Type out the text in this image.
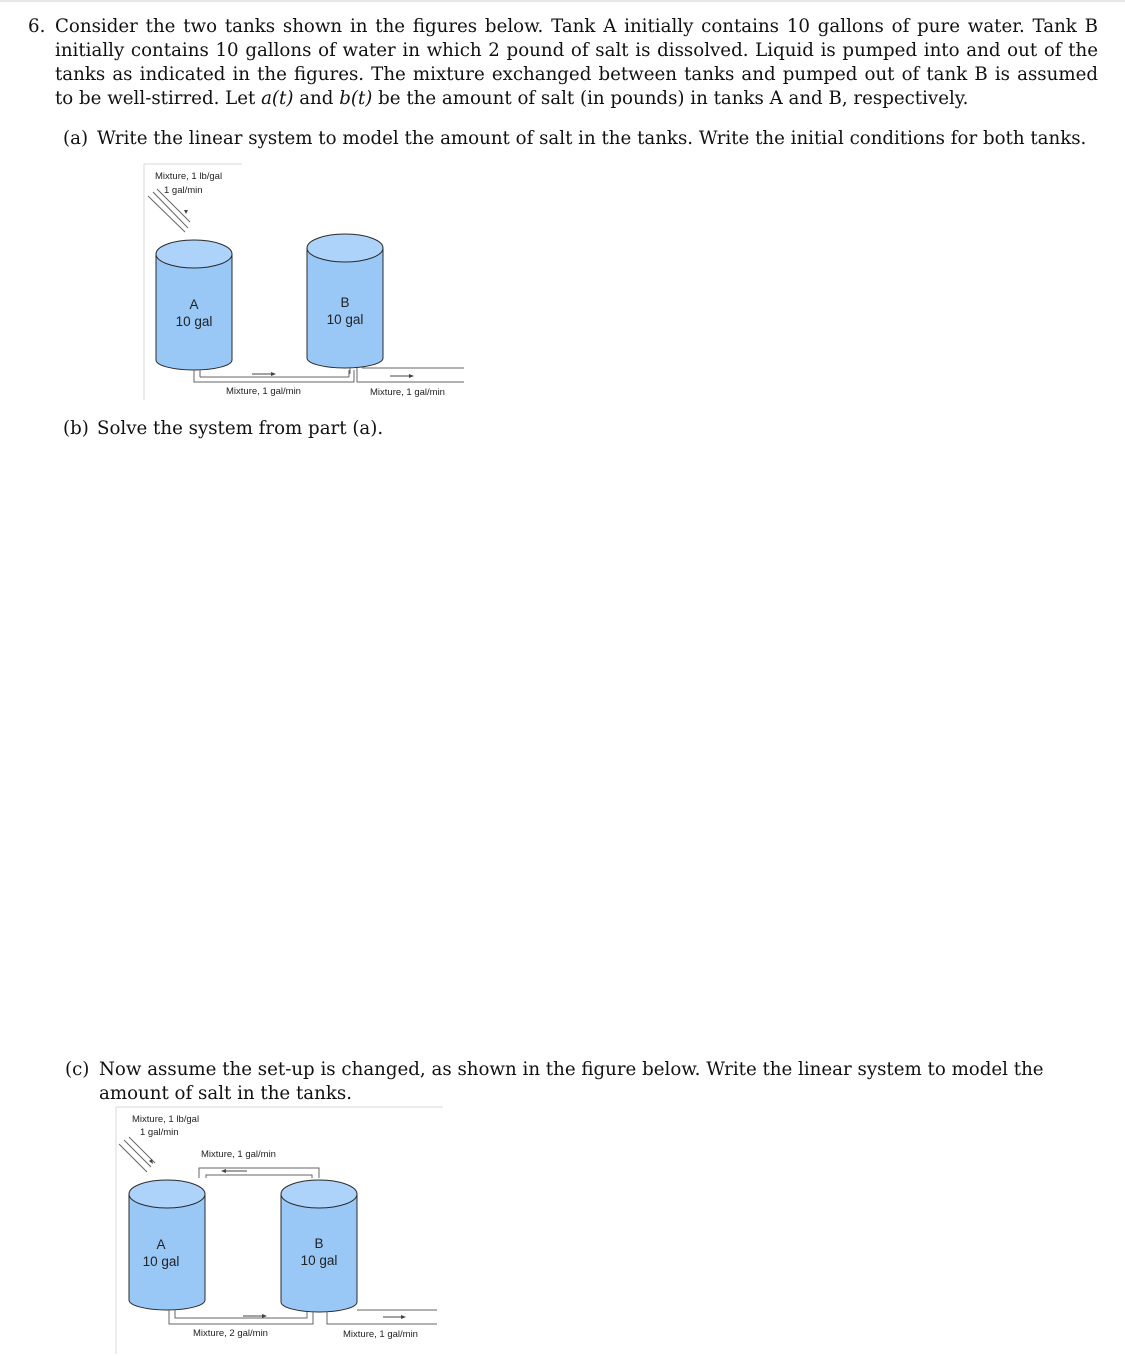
6. Consider the two tanks shown in the figures below. Tank A initially contains 10 gallons of pure water. Tank B initially contains 10 gallons of water in which 2 pound of salt is dissolved. Liquid is pumped into and out of the tanks as indicated in the figures. The mixture exchanged between tanks and pumped out of tank B is assumed to be well-stirred. Let a(t) and b(t) be the amount of salt (in pounds) in tanks A and B, respectively.
(a) Write the linear system to model the amount of salt in the tanks. Write the initial conditions for both tanks.
Mixture, 1 lb/gal
1 gal/min
A
10 gal
B
10 gal
Mixture, 1 gal/min	Mixture, 1 gal/min
(b) Solve the system from part (a).
(c) Now assume the set-up is changed, as shown in the figure below. Write the linear system to model the amount of salt in the tanks.
Mixture, 1 lb/gal
1 gal/min
Mixture, 1 gal/min
A
10 gal
B
10 gal
Mixture, 2 gal/min	Mixture, 1 gal/min
